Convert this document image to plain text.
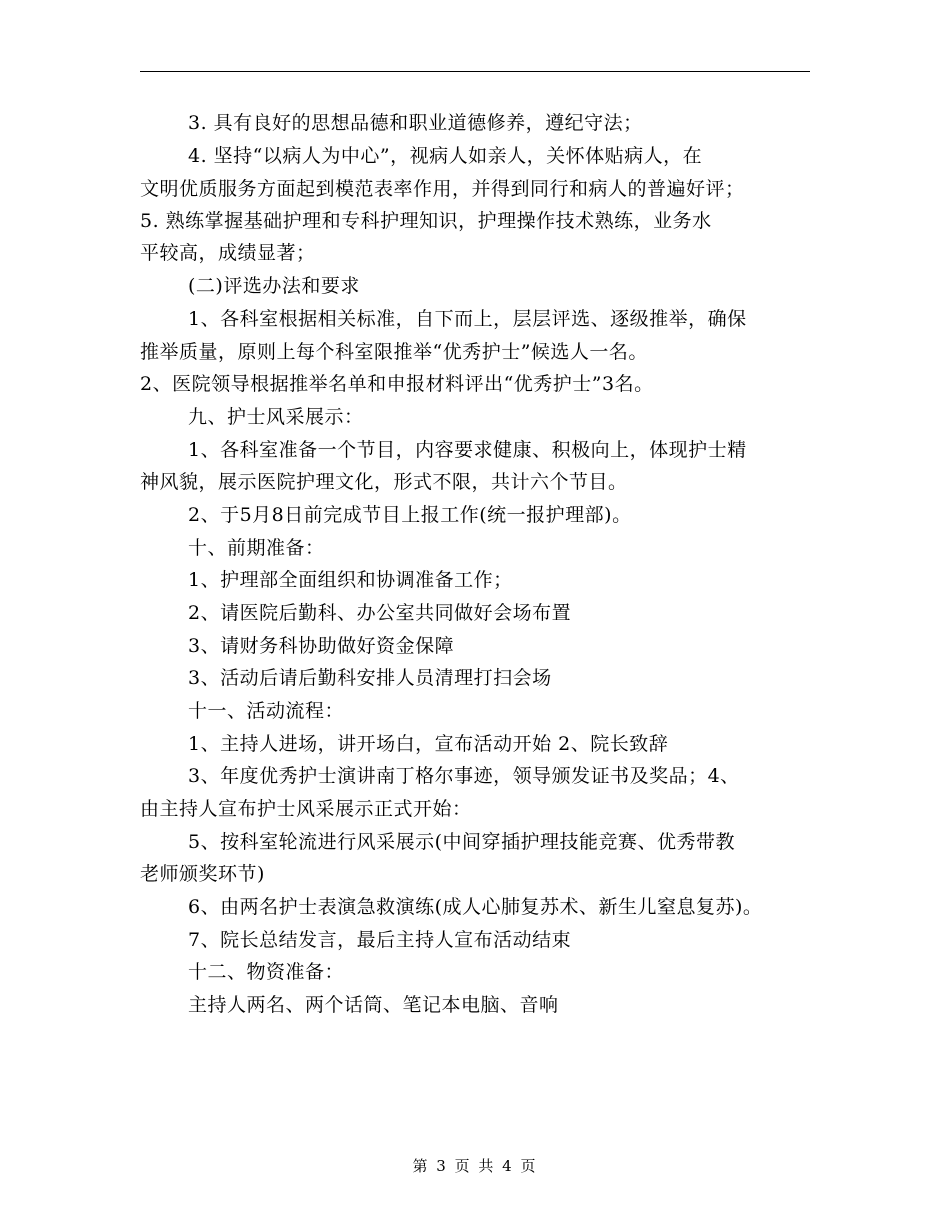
3. 具有良好的思想品德和职业道德修养，遵纪守法；
4. 坚持“以病人为中心”，视病人如亲人，关怀体贴病人，在
文明优质服务方面起到模范表率作用，并得到同行和病人的普遍好评；
5. 熟练掌握基础护理和专科护理知识，护理操作技术熟练，业务水
平较高，成绩显著；
(二)评选办法和要求
1、各科室根据相关标准，自下而上，层层评选、逐级推举，确保
推举质量，原则上每个科室限推举“优秀护士”候选人一名。
2、医院领导根据推举名单和申报材料评出“优秀护士”3名。
九、护士风采展示：
1、各科室准备一个节目，内容要求健康、积极向上，体现护士精
神风貌，展示医院护理文化，形式不限，共计六个节目。
2、于5月8日前完成节目上报工作(统一报护理部)。
十、前期准备：
1、护理部全面组织和协调准备工作；
2、请医院后勤科、办公室共同做好会场布置
3、请财务科协助做好资金保障
3、活动后请后勤科安排人员清理打扫会场
十一、活动流程：
1、主持人进场，讲开场白，宣布活动开始 2、院长致辞
3、年度优秀护士演讲南丁格尔事迹，领导颁发证书及奖品；4、
由主持人宣布护士风采展示正式开始：
5、按科室轮流进行风采展示(中间穿插护理技能竞赛、优秀带教
老师颁奖环节)
6、由两名护士表演急救演练(成人心肺复苏术、新生儿窒息复苏)。
7、院长总结发言，最后主持人宣布活动结束
十二、物资准备：
主持人两名、两个话筒、笔记本电脑、音响
第 3 页 共 4 页
